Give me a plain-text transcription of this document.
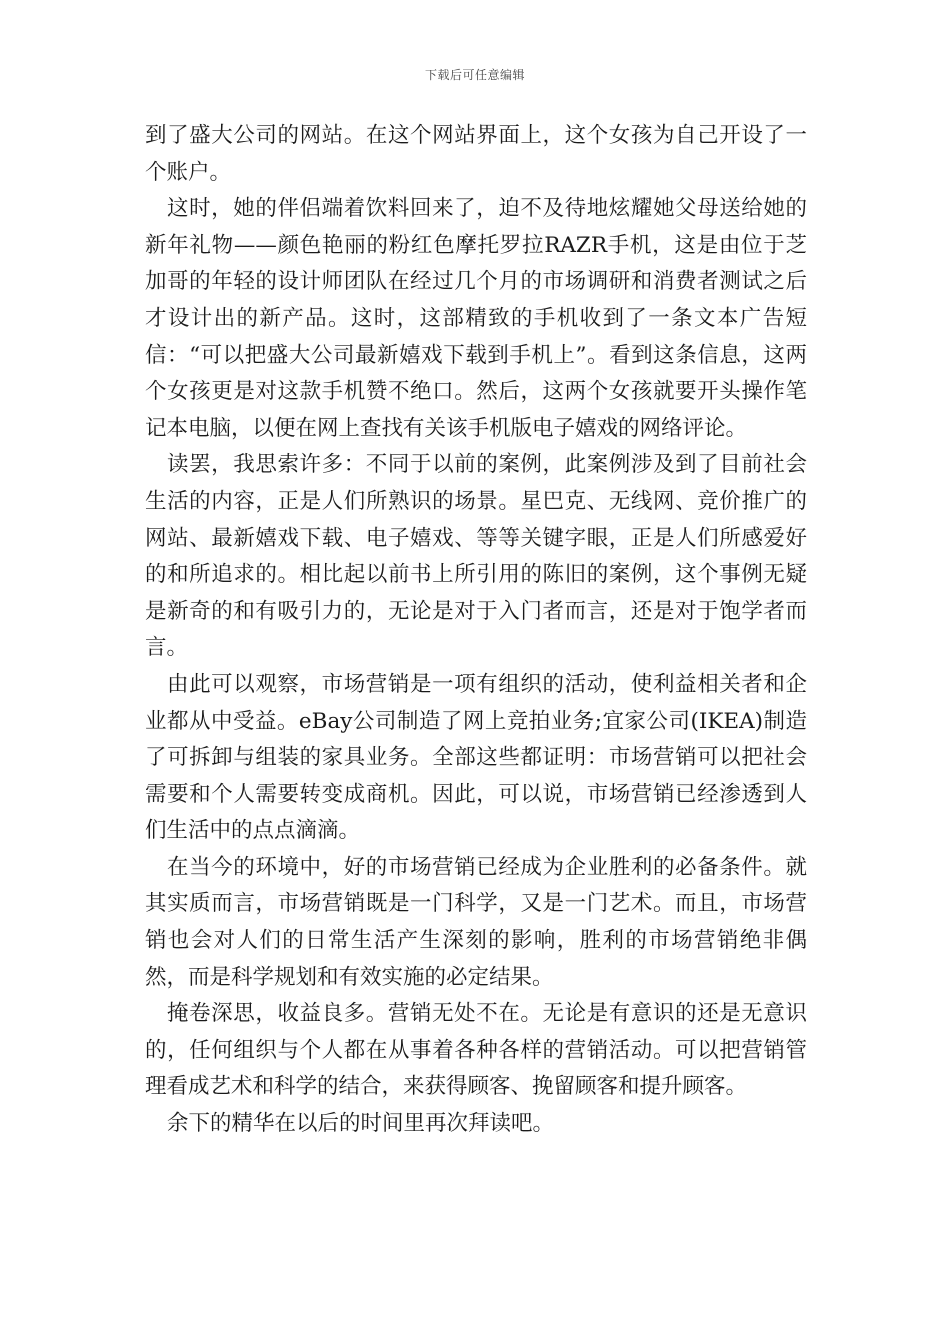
下载后可任意编辑

到了盛大公司的网站。在这个网站界面上，这个女孩为自己开设了一个账户。

这时，她的伴侣端着饮料回来了，迫不及待地炫耀她父母送给她的新年礼物——颜色艳丽的粉红色摩托罗拉RAZR手机，这是由位于芝加哥的年轻的设计师团队在经过几个月的市场调研和消费者测试之后才设计出的新产品。这时，这部精致的手机收到了一条文本广告短信：“可以把盛大公司最新嬉戏下载到手机上”。看到这条信息，这两个女孩更是对这款手机赞不绝口。然后，这两个女孩就要开头操作笔记本电脑，以便在网上查找有关该手机版电子嬉戏的网络评论。

读罢，我思索许多：不同于以前的案例，此案例涉及到了目前社会生活的内容，正是人们所熟识的场景。星巴克、无线网、竞价推广的网站、最新嬉戏下载、电子嬉戏、等等关键字眼，正是人们所感爱好的和所追求的。相比起以前书上所引用的陈旧的案例，这个事例无疑是新奇的和有吸引力的，无论是对于入门者而言，还是对于饱学者而言。

由此可以观察，市场营销是一项有组织的活动，使利益相关者和企业都从中受益。eBay公司制造了网上竞拍业务;宜家公司(IKEA)制造了可拆卸与组装的家具业务。全部这些都证明：市场营销可以把社会需要和个人需要转变成商机。因此，可以说，市场营销已经渗透到人们生活中的点点滴滴。

在当今的环境中，好的市场营销已经成为企业胜利的必备条件。就其实质而言，市场营销既是一门科学，又是一门艺术。而且，市场营销也会对人们的日常生活产生深刻的影响，胜利的市场营销绝非偶然，而是科学规划和有效实施的必定结果。

掩卷深思，收益良多。营销无处不在。无论是有意识的还是无意识的，任何组织与个人都在从事着各种各样的营销活动。可以把营销管理看成艺术和科学的结合，来获得顾客、挽留顾客和提升顾客。

余下的精华在以后的时间里再次拜读吧。
